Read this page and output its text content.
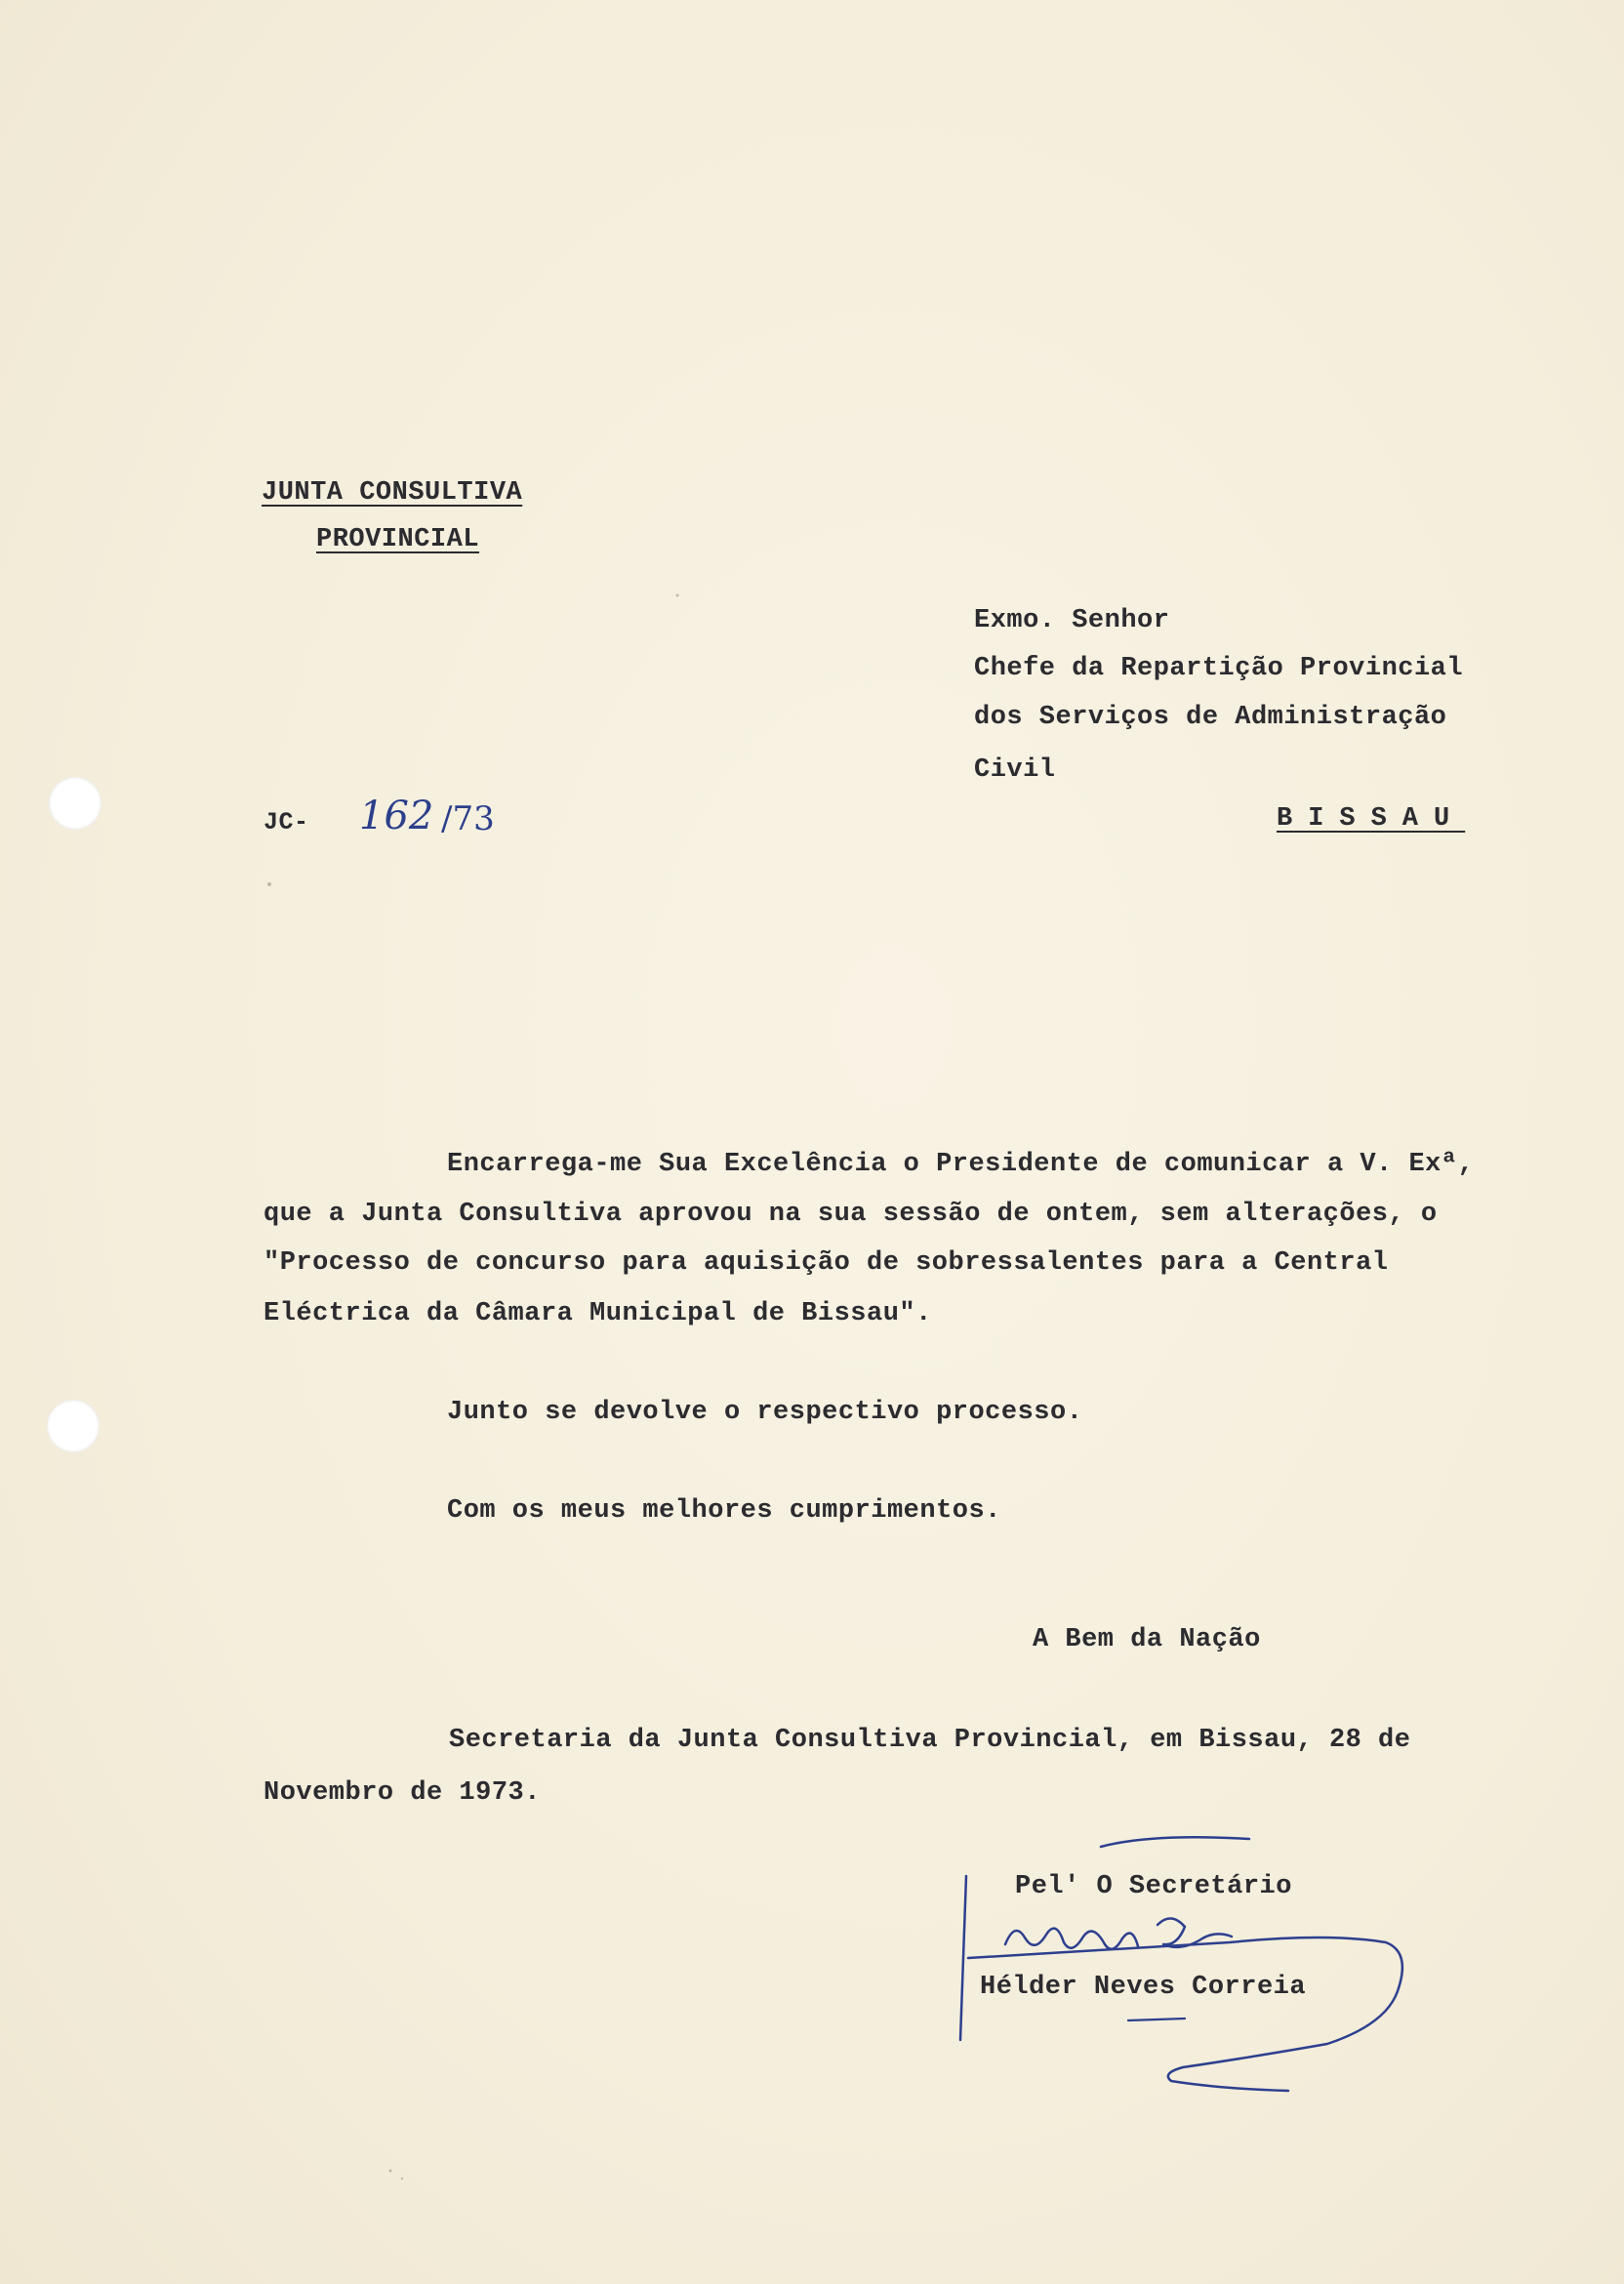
JUNTA CONSULTIVA
PROVINCIAL
Exmo. Senhor
Chefe da Repartição Provincial
dos Serviços de Administração
Civil
BISSAU
JC- 162 /73
Encarrega-me Sua Excelência o Presidente de comunicar a V. Exª,
que a Junta Consultiva aprovou na sua sessão de ontem, sem alterações, o
"Processo de concurso para aquisição de sobressalentes para a Central
Eléctrica da Câmara Municipal de Bissau".
Junto se devolve o respectivo processo.
Com os meus melhores cumprimentos.
A Bem da Nação
Secretaria da Junta Consultiva Provincial, em Bissau, 28 de
Novembro de 1973.
Pel' O Secretário
Hélder Neves Correia
